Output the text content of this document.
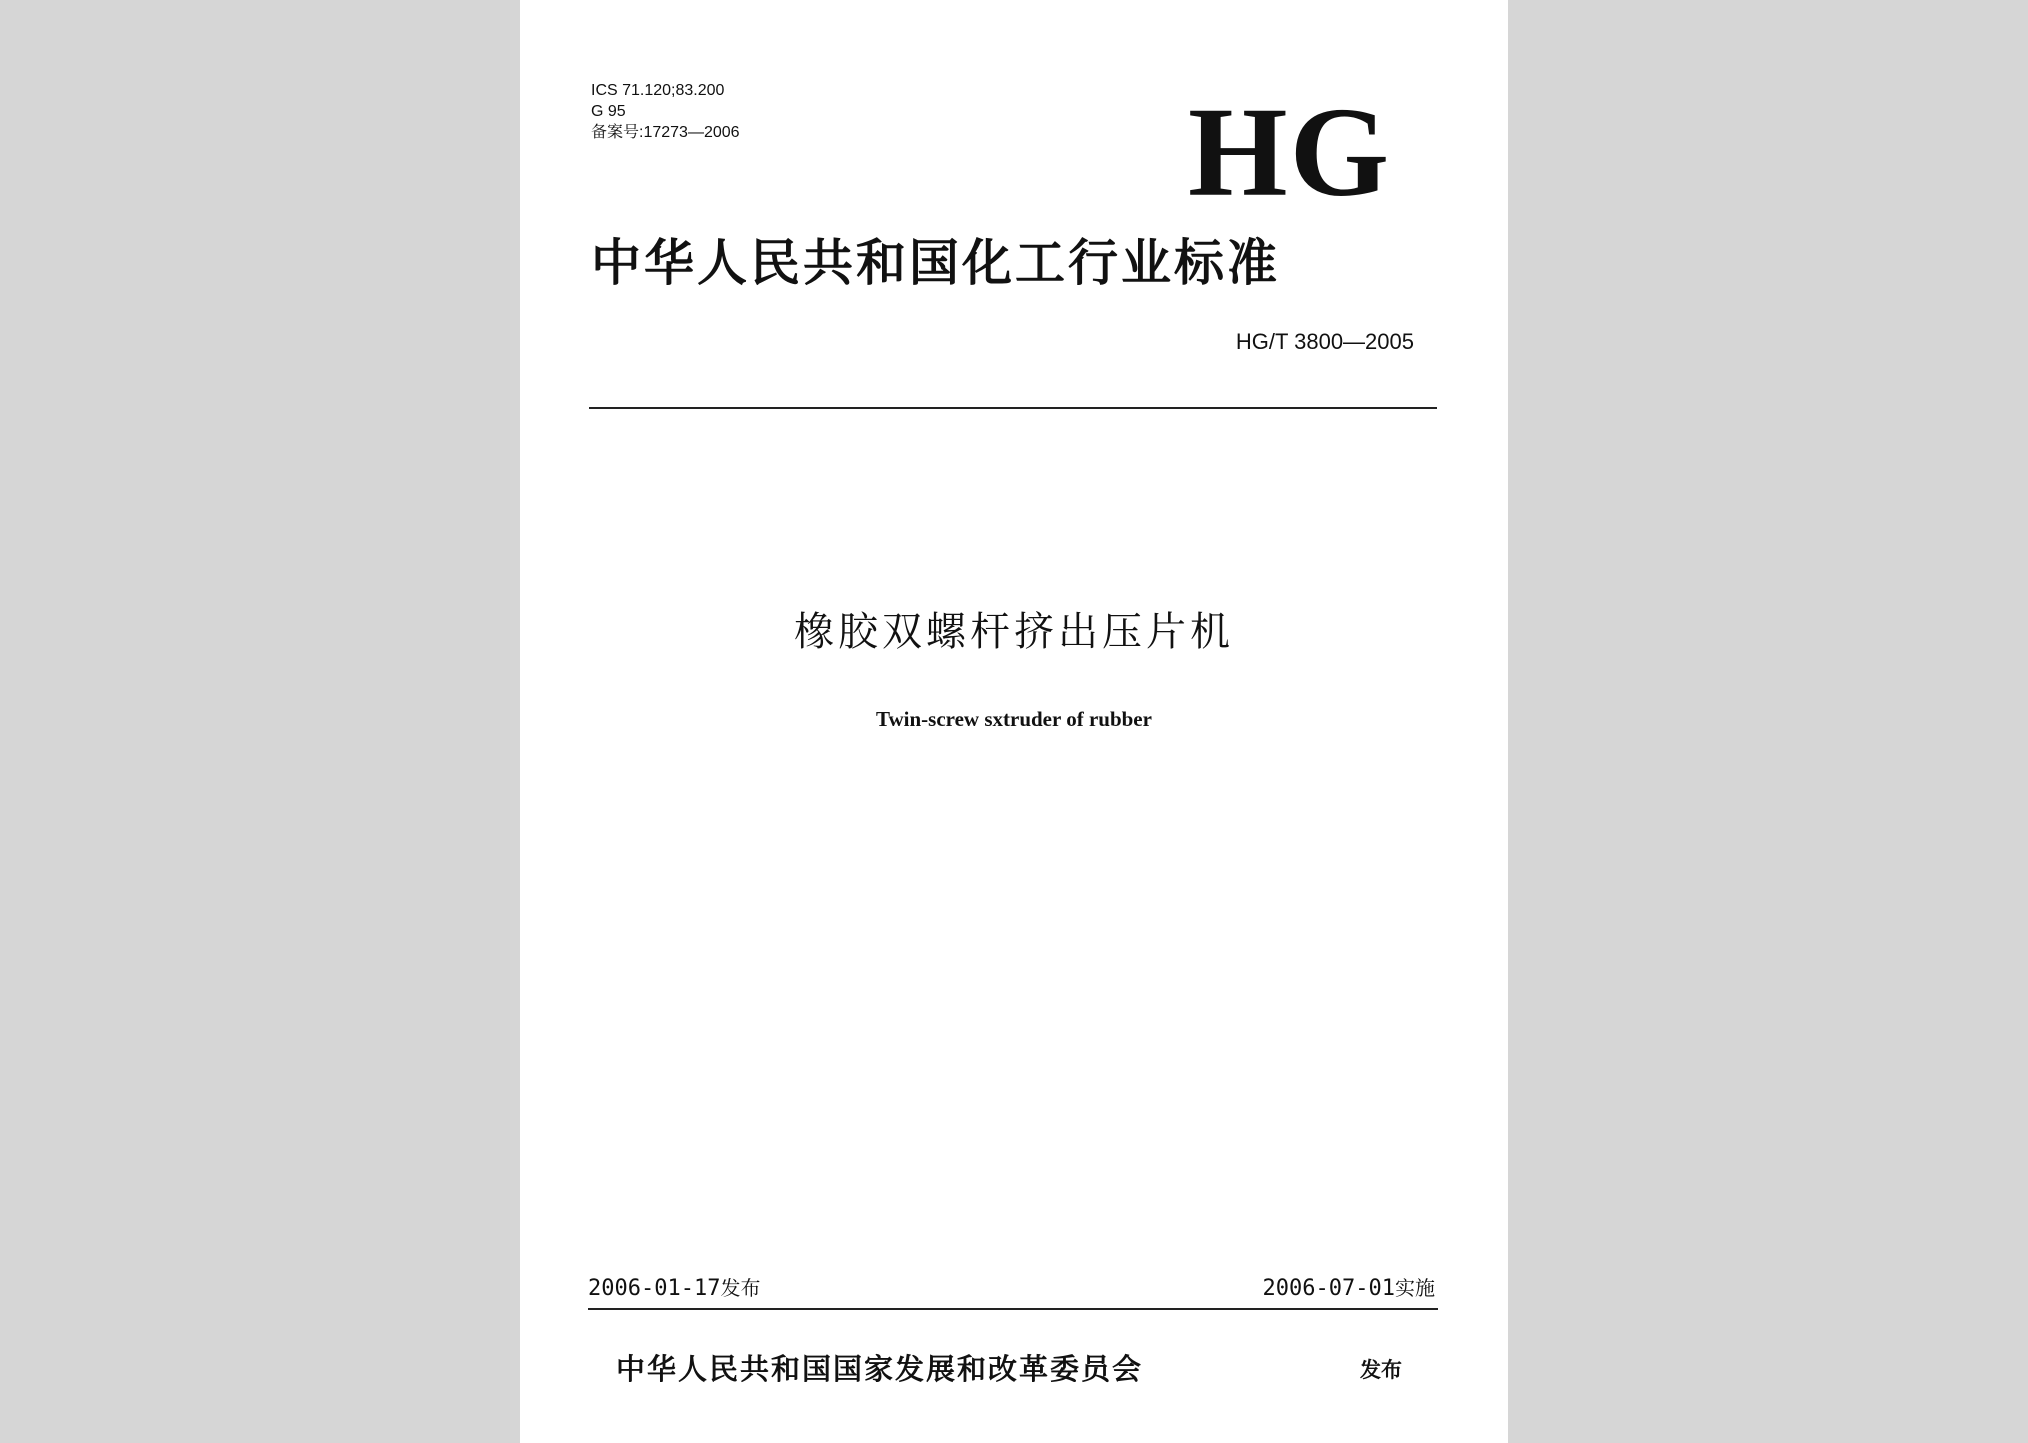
ICS 71.120;83.200
G 95
备案号:17273—2006	HG
中华人民共和国化工行业标准
HG/T 3800—2005
橡胶双螺杆挤出压片机
Twin-screw sxtruder of rubber
2006-01-17发布	2006-07-01实施
中华人民共和国国家发展和改革委员会	发布
